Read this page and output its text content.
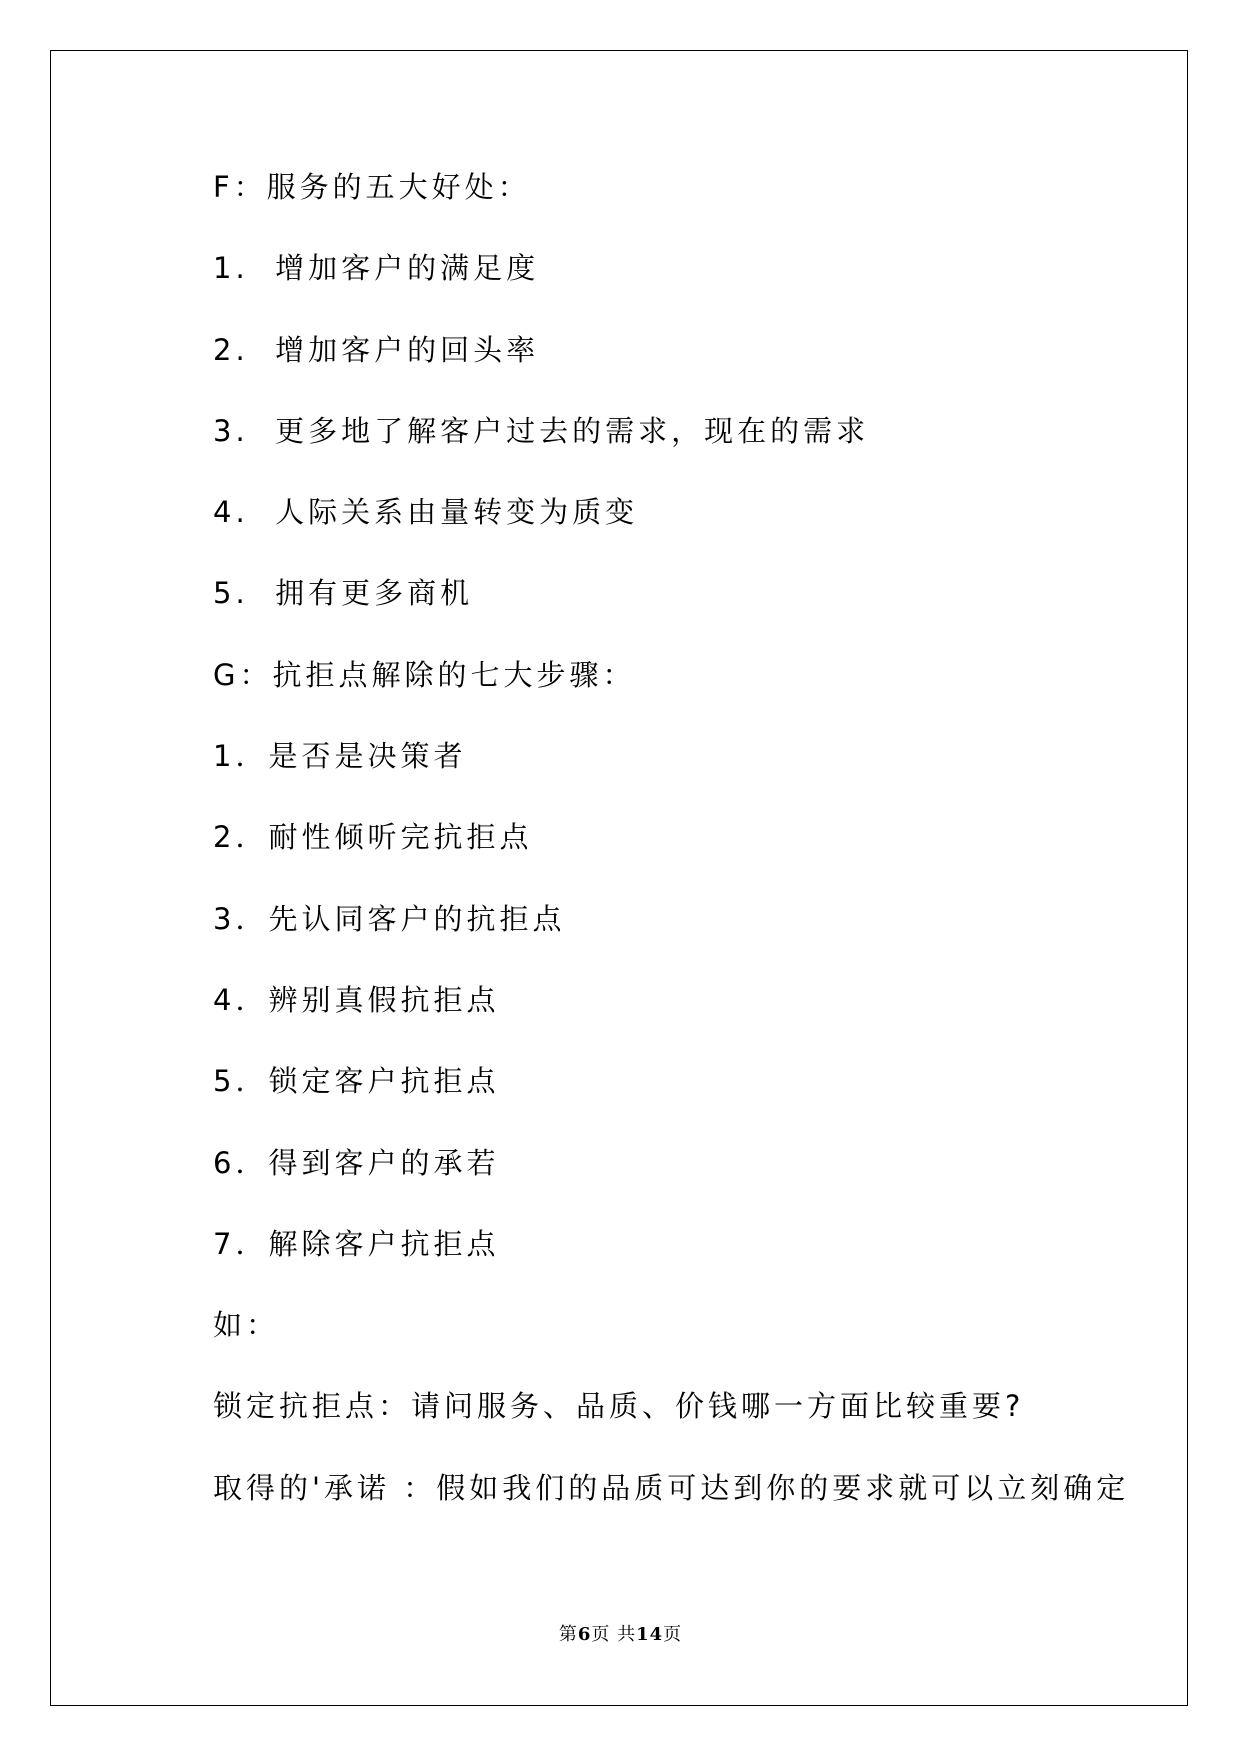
F：服务的五大好处：
1.  增加客户的满足度
2.  增加客户的回头率
3.  更多地了解客户过去的需求，现在的需求
4.  人际关系由量转变为质变
5.  拥有更多商机
G：抗拒点解除的七大步骤：
1．是否是决策者
2．耐性倾听完抗拒点
3．先认同客户的抗拒点
4．辨别真假抗拒点
5．锁定客户抗拒点
6．得到客户的承若
7．解除客户抗拒点
如：
锁定抗拒点：请问服务、品质、价钱哪一方面比较重要?
取得的'承诺 ：假如我们的品质可达到你的要求就可以立刻确定
第6页 共14页
